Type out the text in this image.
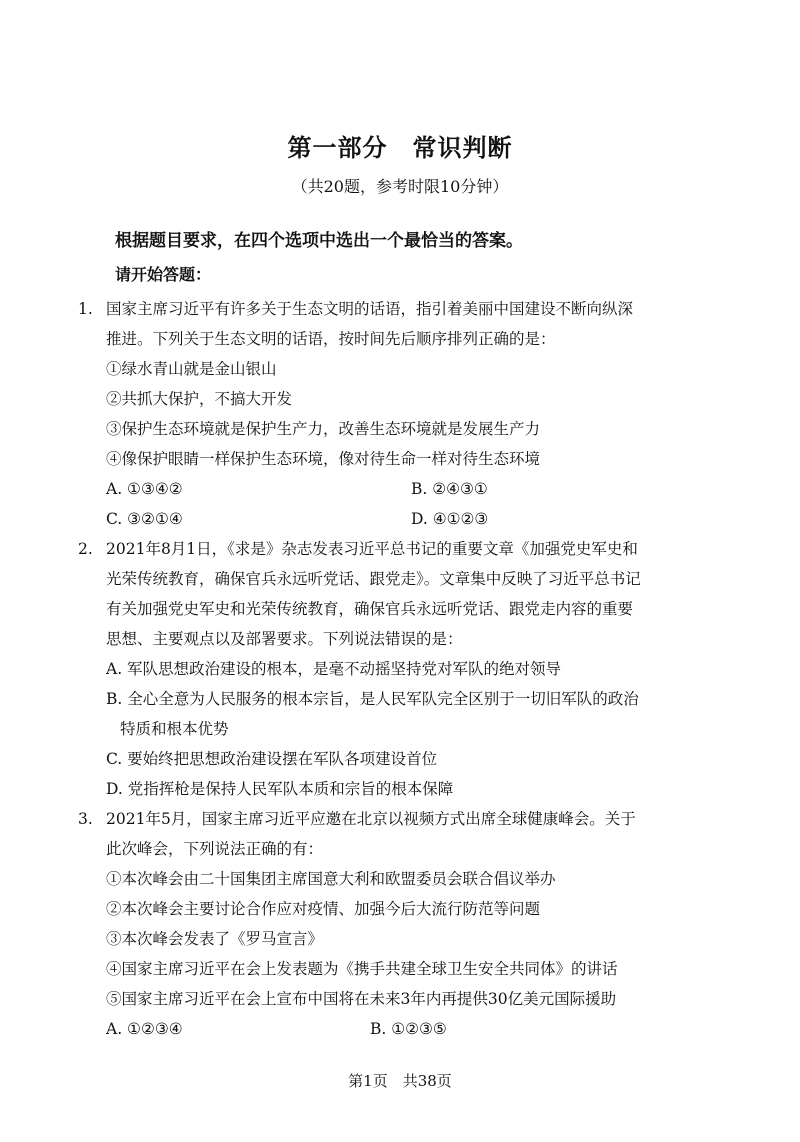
第一部分　常识判断
（共20题，参考时限10分钟）
根据题目要求，在四个选项中选出一个最恰当的答案。
请开始答题：
1. 国家主席习近平有许多关于生态文明的话语，指引着美丽中国建设不断向纵深
推进。下列关于生态文明的话语，按时间先后顺序排列正确的是：
①绿水青山就是金山银山
②共抓大保护，不搞大开发
③保护生态环境就是保护生产力，改善生态环境就是发展生产力
④像保护眼睛一样保护生态环境，像对待生命一样对待生态环境
A. ①③④②	B. ②④③①
C. ③②①④	D. ④①②③
2. 2021年8月1日，《求是》杂志发表习近平总书记的重要文章《加强党史军史和
光荣传统教育，确保官兵永远听党话、跟党走》。文章集中反映了习近平总书记
有关加强党史军史和光荣传统教育，确保官兵永远听党话、跟党走内容的重要
思想、主要观点以及部署要求。下列说法错误的是：
A. 军队思想政治建设的根本，是毫不动摇坚持党对军队的绝对领导
B. 全心全意为人民服务的根本宗旨，是人民军队完全区别于一切旧军队的政治
特质和根本优势
C. 要始终把思想政治建设摆在军队各项建设首位
D. 党指挥枪是保持人民军队本质和宗旨的根本保障
3. 2021年5月，国家主席习近平应邀在北京以视频方式出席全球健康峰会。关于
此次峰会，下列说法正确的有：
①本次峰会由二十国集团主席国意大利和欧盟委员会联合倡议举办
②本次峰会主要讨论合作应对疫情、加强今后大流行防范等问题
③本次峰会发表了《罗马宣言》
④国家主席习近平在会上发表题为《携手共建全球卫生安全共同体》的讲话
⑤国家主席习近平在会上宣布中国将在未来3年内再提供30亿美元国际援助
A. ①②③④	B. ①②③⑤
第1页　共38页
